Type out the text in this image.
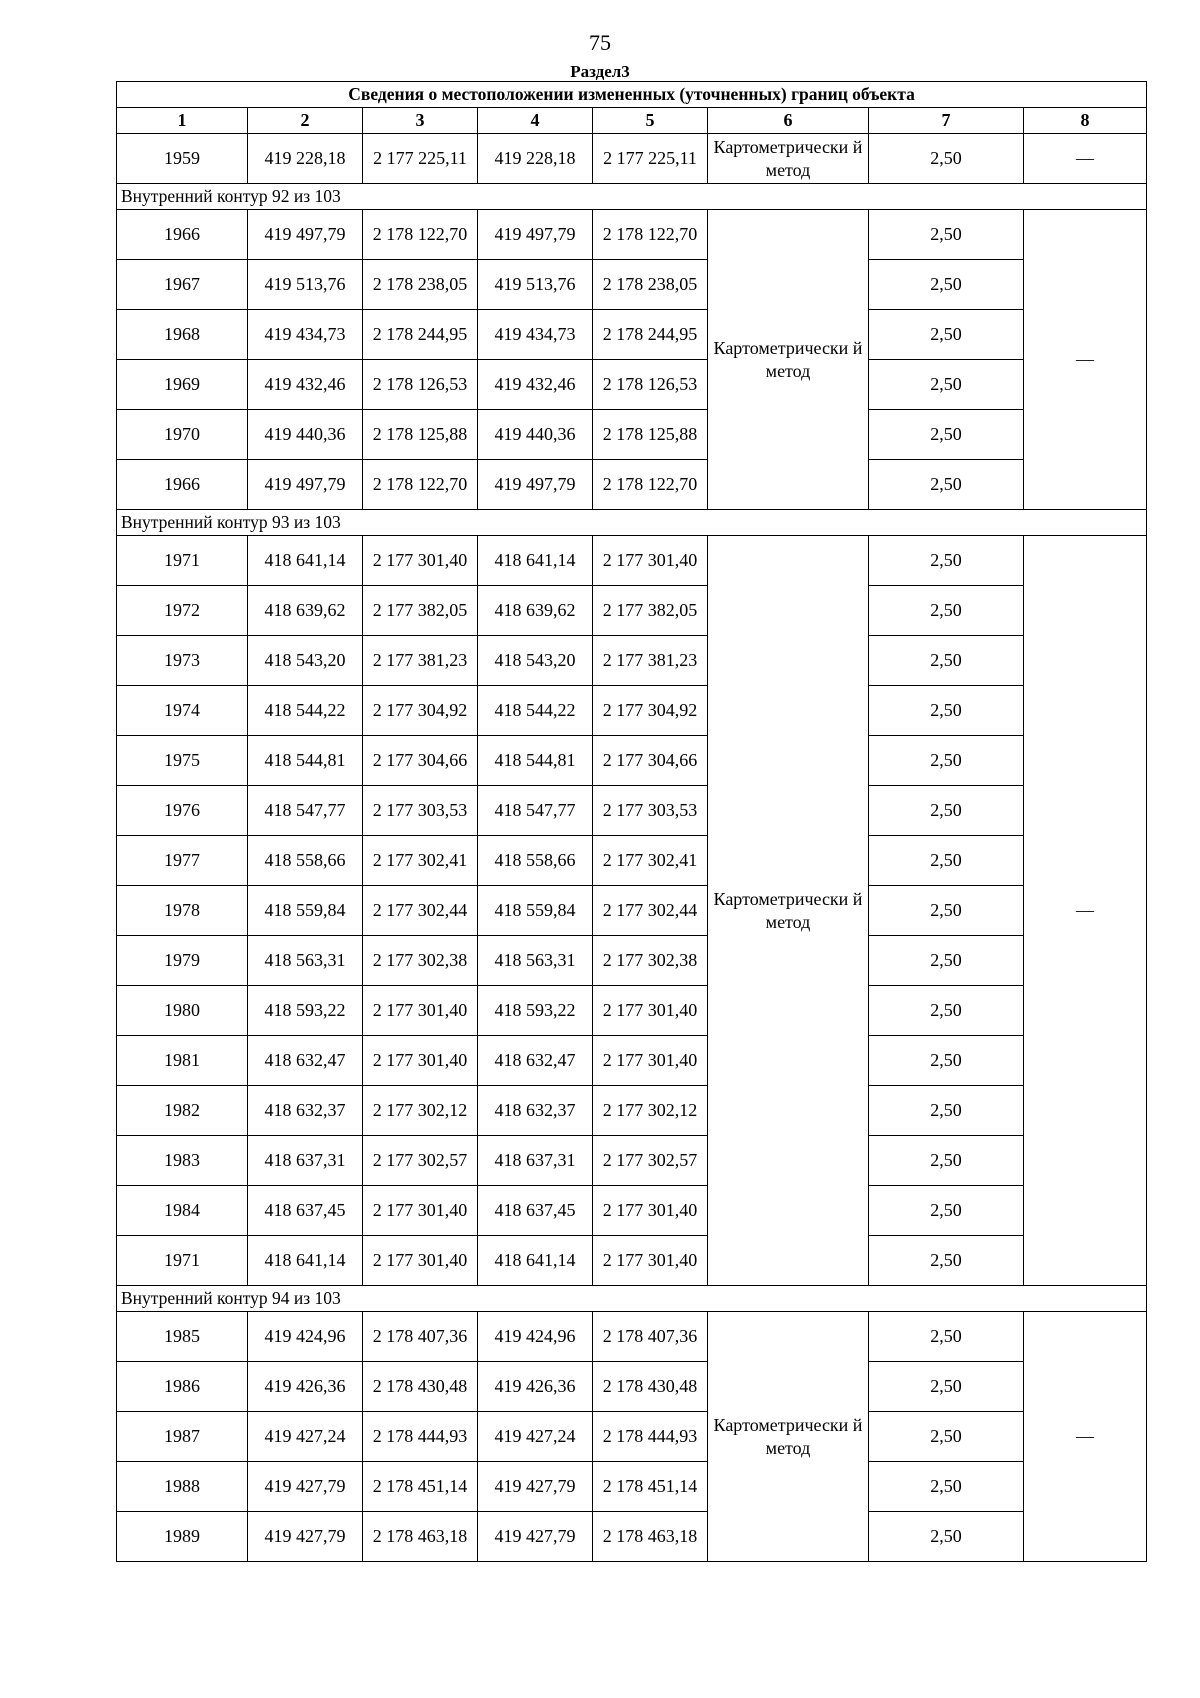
75
Раздел3
Сведения о местоположении измененных (уточненных) границ объекта							
1	2	3	4	5	6	7	8
1959	419 228,18	2 177 225,11	419 228,18	2 177 225,11	Картометрически й метод	2,50	—
Внутренний контур 92 из 103							
1966	419 497,79	2 178 122,70	419 497,79	2 178 122,70	Картометрически й метод	2,50	—
1967	419 513,76	2 178 238,05	419 513,76	2 178 238,05		2,50	
1968	419 434,73	2 178 244,95	419 434,73	2 178 244,95		2,50	
1969	419 432,46	2 178 126,53	419 432,46	2 178 126,53		2,50	
1970	419 440,36	2 178 125,88	419 440,36	2 178 125,88		2,50	
1966	419 497,79	2 178 122,70	419 497,79	2 178 122,70		2,50	
Внутренний контур 93 из 103							
1971	418 641,14	2 177 301,40	418 641,14	2 177 301,40	Картометрически й метод	2,50	—
1972	418 639,62	2 177 382,05	418 639,62	2 177 382,05		2,50	
1973	418 543,20	2 177 381,23	418 543,20	2 177 381,23		2,50	
1974	418 544,22	2 177 304,92	418 544,22	2 177 304,92		2,50	
1975	418 544,81	2 177 304,66	418 544,81	2 177 304,66		2,50	
1976	418 547,77	2 177 303,53	418 547,77	2 177 303,53		2,50	
1977	418 558,66	2 177 302,41	418 558,66	2 177 302,41		2,50	
1978	418 559,84	2 177 302,44	418 559,84	2 177 302,44		2,50	
1979	418 563,31	2 177 302,38	418 563,31	2 177 302,38		2,50	
1980	418 593,22	2 177 301,40	418 593,22	2 177 301,40		2,50	
1981	418 632,47	2 177 301,40	418 632,47	2 177 301,40		2,50	
1982	418 632,37	2 177 302,12	418 632,37	2 177 302,12		2,50	
1983	418 637,31	2 177 302,57	418 637,31	2 177 302,57		2,50	
1984	418 637,45	2 177 301,40	418 637,45	2 177 301,40		2,50	
1971	418 641,14	2 177 301,40	418 641,14	2 177 301,40		2,50	
Внутренний контур 94 из 103							
1985	419 424,96	2 178 407,36	419 424,96	2 178 407,36	Картометрически й метод	2,50	—
1986	419 426,36	2 178 430,48	419 426,36	2 178 430,48		2,50	
1987	419 427,24	2 178 444,93	419 427,24	2 178 444,93		2,50	
1988	419 427,79	2 178 451,14	419 427,79	2 178 451,14		2,50	
1989	419 427,79	2 178 463,18	419 427,79	2 178 463,18		2,50	
